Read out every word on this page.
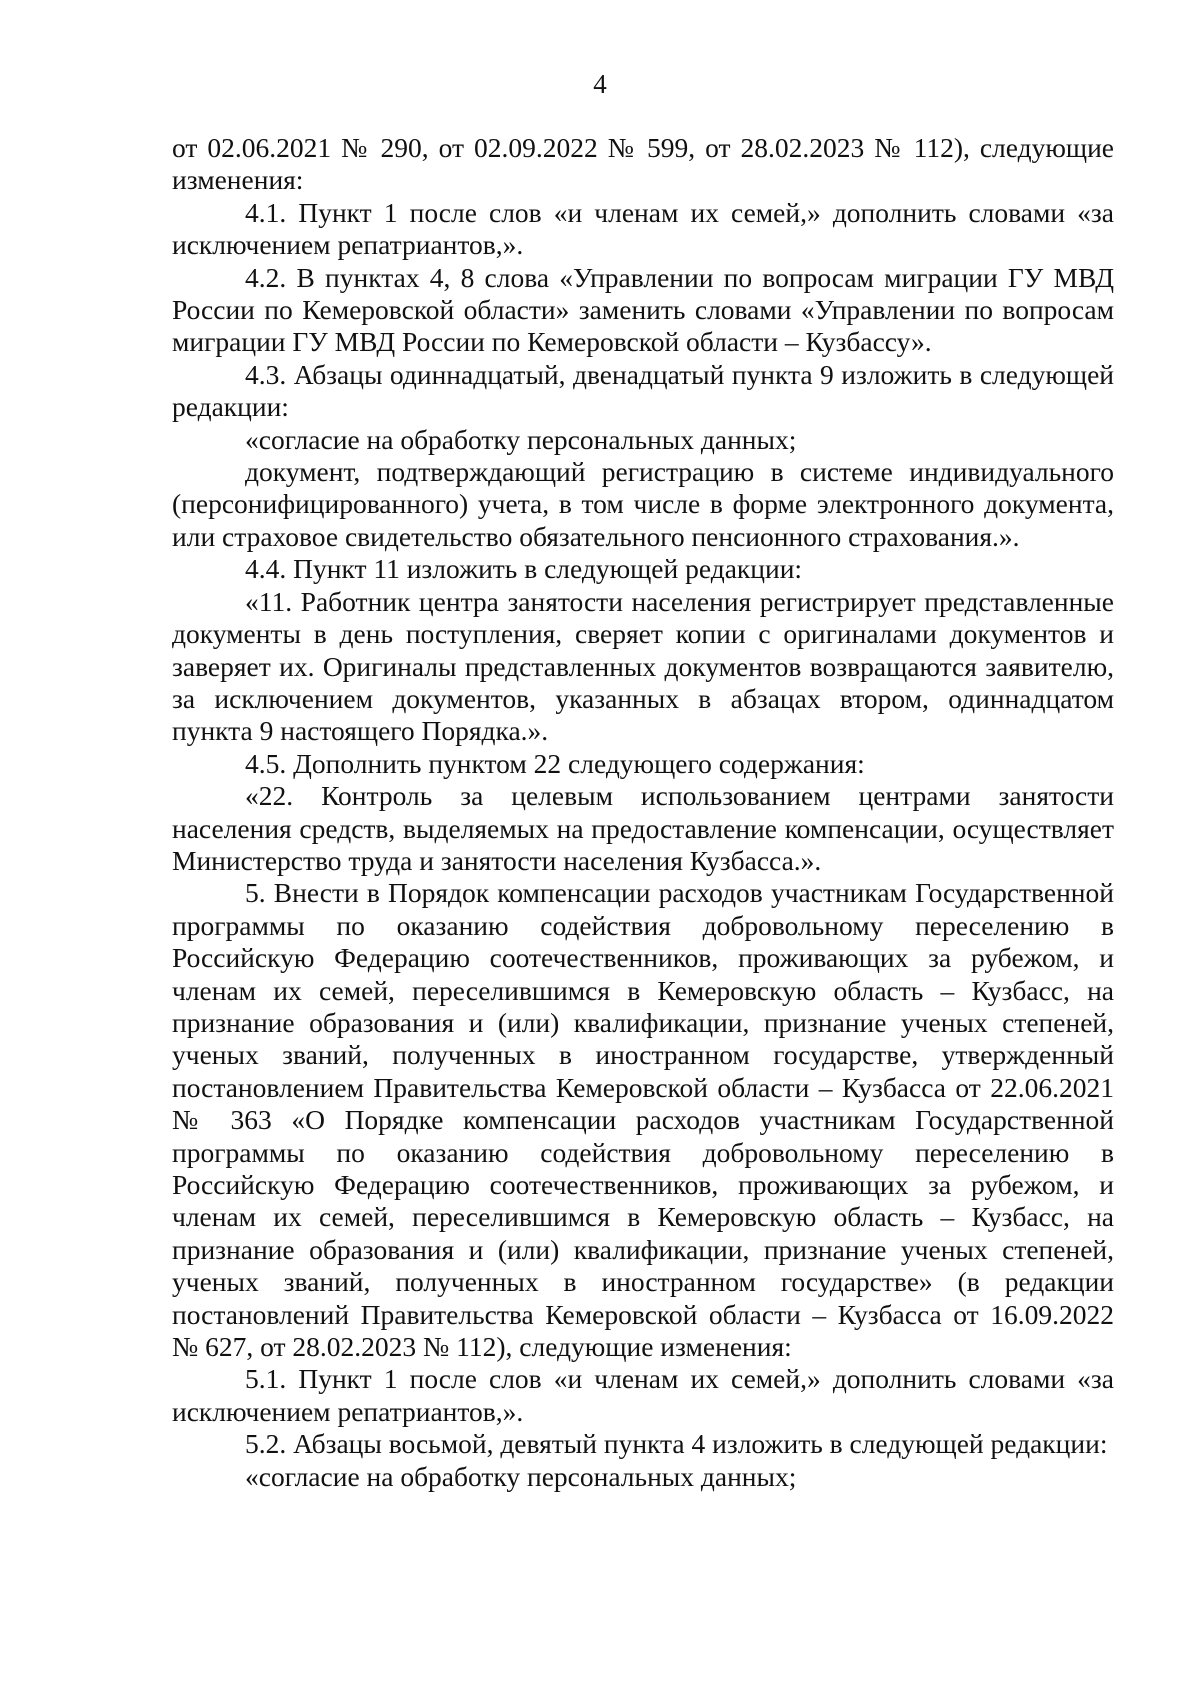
4

от 02.06.2021 № 290, от 02.09.2022 № 599, от 28.02.2023 № 112), следующие изменения:

4.1. Пункт 1 после слов «и членам их семей,» дополнить словами «за исключением репатриантов,».

4.2. В пунктах 4, 8 слова «Управлении по вопросам миграции ГУ МВД России по Кемеровской области» заменить словами «Управлении по вопросам миграции ГУ МВД России по Кемеровской области – Кузбассу».

4.3. Абзацы одиннадцатый, двенадцатый пункта 9 изложить в следующей редакции:

«согласие на обработку персональных данных;

документ, подтверждающий регистрацию в системе индивидуального (персонифицированного) учета, в том числе в форме электронного документа, или страховое свидетельство обязательного пенсионного страхования.».

4.4. Пункт 11 изложить в следующей редакции:

«11. Работник центра занятости населения регистрирует представленные документы в день поступления, сверяет копии с оригиналами документов и заверяет их. Оригиналы представленных документов возвращаются заявителю, за исключением документов, указанных в абзацах втором, одиннадцатом пункта 9 настоящего Порядка.».

4.5. Дополнить пунктом 22 следующего содержания:

«22. Контроль за целевым использованием центрами занятости населения средств, выделяемых на предоставление компенсации, осуществляет Министерство труда и занятости населения Кузбасса.».

5. Внести в Порядок компенсации расходов участникам Государственной программы по оказанию содействия добровольному переселению в Российскую Федерацию соотечественников, проживающих за рубежом, и членам их семей, переселившимся в Кемеровскую область – Кузбасс, на признание образования и (или) квалификации, признание ученых степеней, ученых званий, полученных в иностранном государстве, утвержденный постановлением Правительства Кемеровской области – Кузбасса от 22.06.2021 № 363 «О Порядке компенсации расходов участникам Государственной программы по оказанию содействия добровольному переселению в Российскую Федерацию соотечественников, проживающих за рубежом, и членам их семей, переселившимся в Кемеровскую область – Кузбасс, на признание образования и (или) квалификации, признание ученых степеней, ученых званий, полученных в иностранном государстве» (в редакции постановлений Правительства Кемеровской области – Кузбасса от 16.09.2022 № 627, от 28.02.2023 № 112), следующие изменения:

5.1. Пункт 1 после слов «и членам их семей,» дополнить словами «за исключением репатриантов,».

5.2. Абзацы восьмой, девятый пункта 4 изложить в следующей редакции:

«согласие на обработку персональных данных;
